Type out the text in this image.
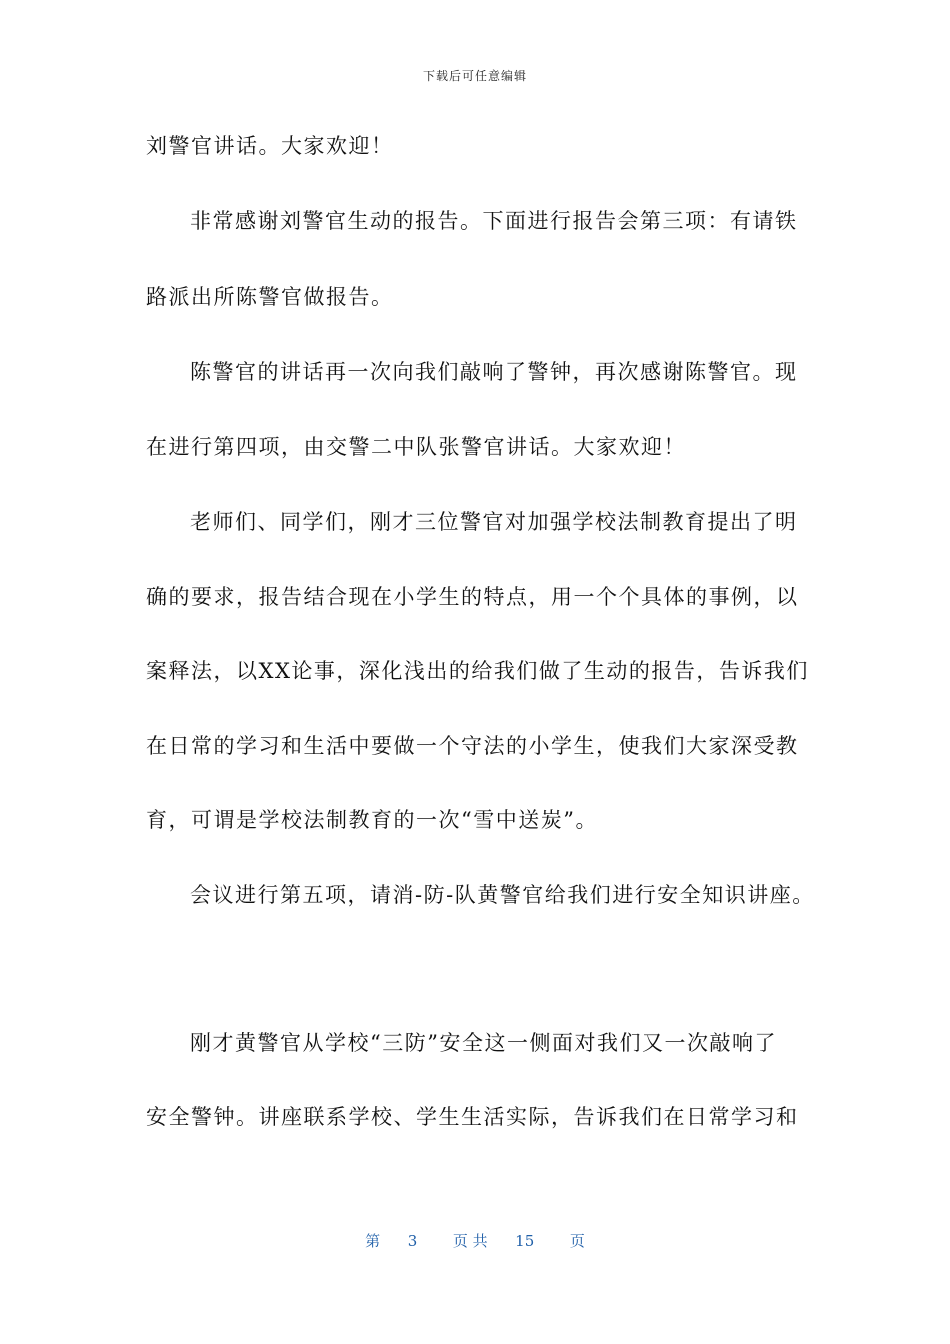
下载后可任意编辑

刘警官讲话。大家欢迎！

非常感谢刘警官生动的报告。下面进行报告会第三项：有请铁

路派出所陈警官做报告。

陈警官的讲话再一次向我们敲响了警钟，再次感谢陈警官。现

在进行第四项，由交警二中队张警官讲话。大家欢迎！

老师们、同学们，刚才三位警官对加强学校法制教育提出了明

确的要求，报告结合现在小学生的特点，用一个个具体的事例，以

案释法，以XX论事，深化浅出的给我们做了生动的报告，告诉我们

在日常的学习和生活中要做一个守法的小学生，使我们大家深受教

育，可谓是学校法制教育的一次“雪中送炭”。

会议进行第五项，请消-防-队黄警官给我们进行安全知识讲座。

刚才黄警官从学校“三防”安全这一侧面对我们又一次敲响了

安全警钟。讲座联系学校、学生生活实际，告诉我们在日常学习和

第 3 页 共 15 页
